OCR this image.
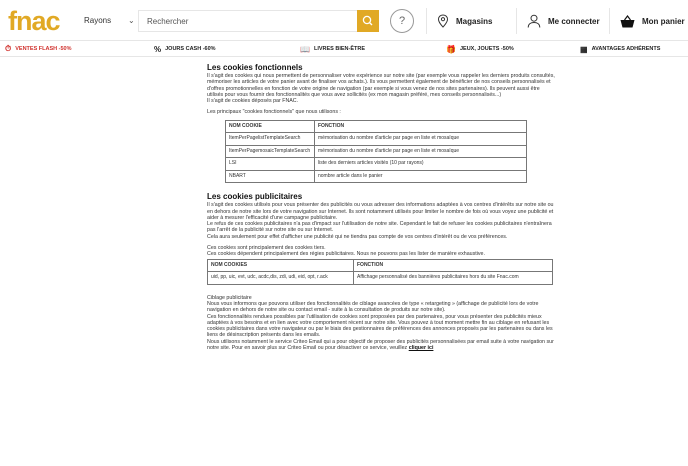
fnac	Rayons ⌄
Rechercher	?	Magasins	Me connecter	Mon panier
⏱ VENTES FLASH -50%	% JOURS CASH -60%	📖 LIVRES BIEN-ÊTRE	🎁 JEUX, JOUETS -50%	▦ AVANTAGES ADHÉRENTS
Les cookies fonctionnels

Il s'agit des cookies qui nous permettent de personnaliser votre expérience sur notre site (par exemple vous rappeler les derniers produits consultés, mémoriser les articles de votre panier avant de finaliser vos achats.). Ils vous permettent également de bénéficier de nos conseils personnalisés et d'offres promotionnelles en fonction de votre origine de navigation (par exemple si vous venez de nos sites partenaires). Ils peuvent aussi être utilisés pour vous fournir des fonctionnalités que vous avez sollicités (ex mon magasin préféré, mes conseils personnalisés...)

Il s'agit de cookies déposés par FNAC.

Les principaux "cookies fonctionnels" que nous utilisons :

NOM COOKIE	FONCTION
ItemPerPagelistTemplateSearch	mémorisation du nombre d'article par page en liste et mosaïque
ItemPerPagemosaicTemplateSearch	mémorisation du nombre d'article par page en liste et mosaïque
LSI	liste des derniers articles visités (10 par rayons)
NBART	nombre article dans le panier
Les cookies publicitaires

Il s'agit des cookies utilisés pour vous présenter des publicités ou vous adresser des informations adaptées à vos centres d'intérêts sur notre site ou en dehors de notre site lors de votre navigation sur Internet. Ils sont notamment utilisés pour limiter le nombre de fois où vous voyez une publicité et aider à mesurer l'efficacité d'une campagne publicitaire.

Le refus de ces cookies publicitaires n'a pas d'impact sur l'utilisation de notre site. Cependant le fait de refuser les cookies publicitaires n'entraînera pas l'arrêt de la publicité sur notre site ou sur Internet.

Cela aura seulement pour effet d'afficher une publicité qui ne tiendra pas compte de vos centres d'intérêt ou de vos préférences.

Ces cookies sont principalement des cookies tiers.

Ces cookies dépendent principalement des régies publicitaires. Nous ne pouvons pas les lister de manière exhaustive.

NOM COOKIES	FONCTION
uid, pp, uic, evt, udc, acdc,dis, zdi, udi, eid, opt, r.ack	Affichage personnalisé des bannières publicitaires hors du site Fnac.com

Ciblage publicitaire

Nous vous informons que pouvons utiliser des fonctionnalités de ciblage avancées de type « retargeting » (affichage de publicité lors de votre navigation en dehors de notre site ou contact email - suite à la consultation de produits sur notre site).

Ces fonctionnalités rendues possibles par l'utilisation de cookies sont proposées par des partenaires, pour vous présenter des publicités mieux adaptées à vos besoins et en lien avec votre comportement récent sur notre site. Vous pouvez à tout moment mettre fin au ciblage en refusant les cookies publicitaires dans votre navigateur ou par le biais des gestionnaires de préférences des annonces proposés par les partenaires ou dans les liens de désinscription présents dans les emails.

Nous utilisons notamment le service Criteo Email qui a pour objectif de proposer des publicités personnalisées par email suite à votre navigation sur notre site. Pour en savoir plus sur Criteo Email ou pour désactiver ce service, veuillez cliquer ici
